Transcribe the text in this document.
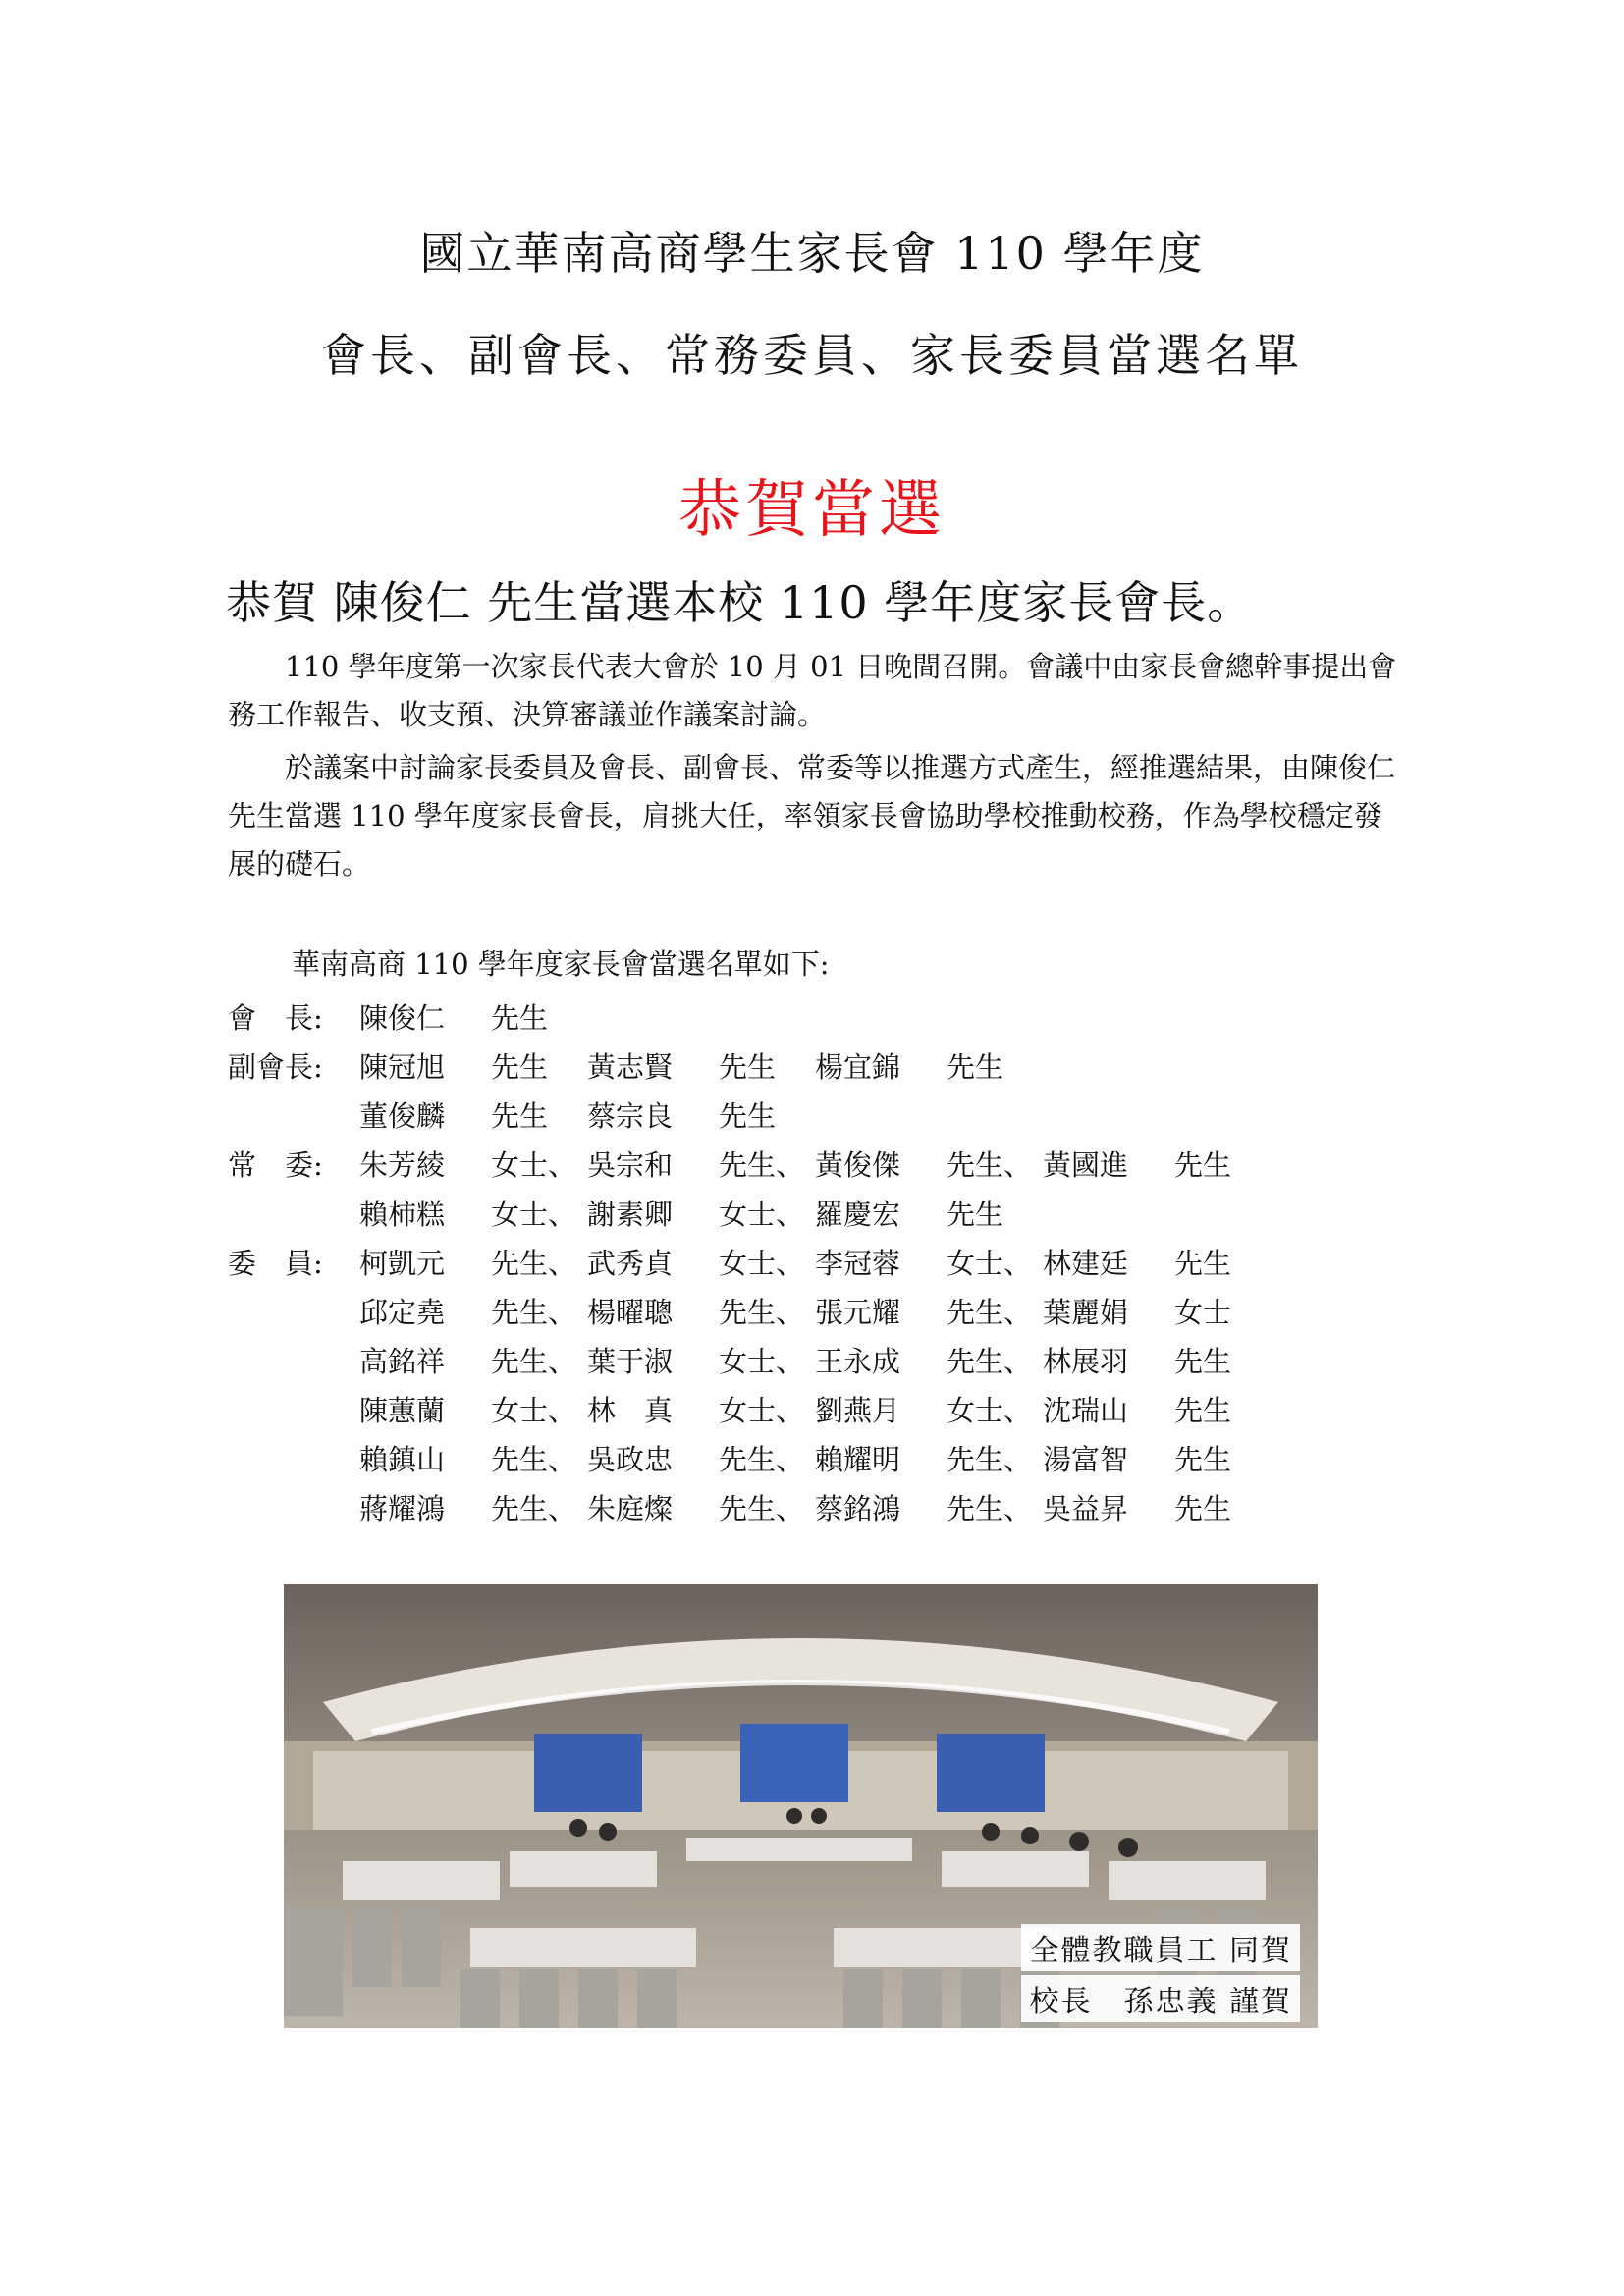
國立華南高商學生家長會 110 學年度
會長、副會長、常務委員、家長委員當選名單
恭賀當選
恭賀 陳俊仁 先生當選本校 110 學年度家長會長。
110 學年度第一次家長代表大會於 10 月 01 日晚間召開。會議中由家長會總幹事提出會務工作報告、收支預、決算審議並作議案討論。
於議案中討論家長委員及會長、副會長、常委等以推選方式產生，經推選結果，由陳俊仁先生當選 110 學年度家長會長，肩挑大任，率領家長會協助學校推動校務，作為學校穩定發展的礎石。
華南高商 110 學年度家長會當選名單如下:
會　長:	陳俊仁	先生
副會長:	陳冠旭	先生	黃志賢	先生	楊宜錦	先生
董俊麟	先生	蔡宗良	先生
常　委:	朱芳綾	女士、 吳宗和	先生、 黃俊傑	先生、 黃國進	先生
賴柿糕	女士、 謝素卿	女士、 羅慶宏	先生
委　員:	柯凱元	先生、 武秀貞	女士、 李冠蓉	女士、 林建廷	先生
邱定堯	先生、 楊曜聰	先生、 張元耀	先生、 葉麗娟	女士
高銘祥	先生、 葉于淑	女士、 王永成	先生、 林展羽	先生
陳蕙蘭	女士、 林　真	女士、 劉燕月	女士、 沈瑞山	先生
賴鎮山	先生、 吳政忠	先生、 賴耀明	先生、 湯富智	先生
蔣耀鴻	先生、 朱庭燦	先生、 蔡銘鴻	先生、 吳益昇	先生
全體教職員工 同賀
校長　孫忠義 謹賀
